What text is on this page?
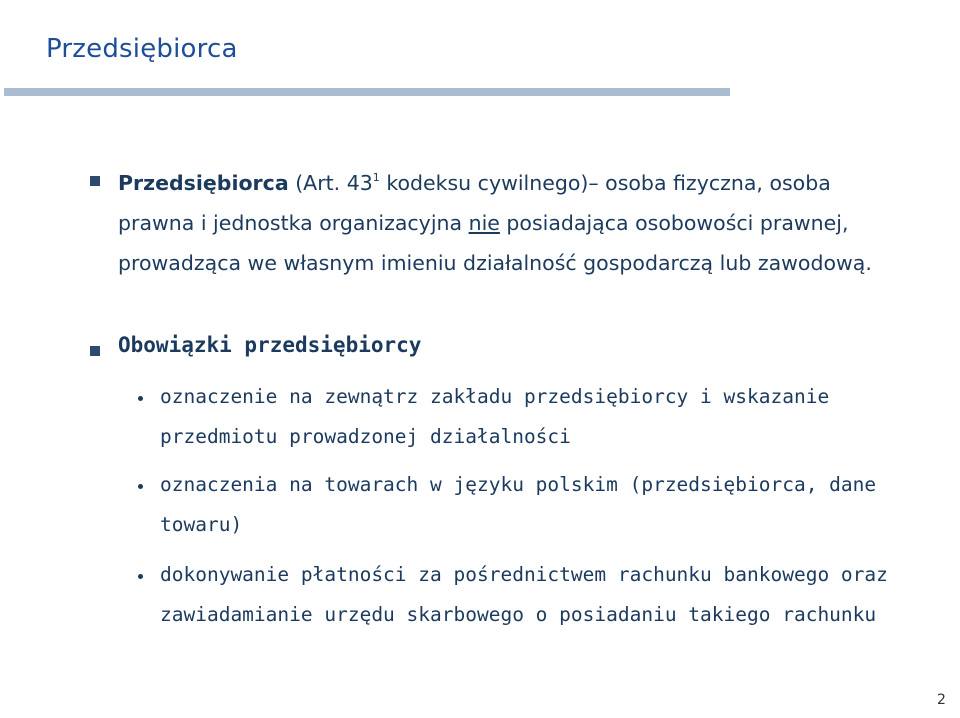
Przedsiębiorca
Przedsiębiorca (Art. $43^1$ kodeksu cywilnego)– osoba fizyczna, osoba prawna i jednostka organizacyjna nie posiadająca osobowości prawnej, prowadząca we własnym imieniu działalność gospodarczą lub zawodową.
Obowiązki przedsiębiorcy
oznaczenie na zewnątrz zakładu przedsiębiorcy i wskazanie przedmiotu prowadzonej działalności
oznaczenia na towarach w języku polskim (przedsiębiorca, dane towaru)
dokonywanie płatności za pośrednictwem rachunku bankowego oraz zawiadamianie urzędu skarbowego o posiadaniu takiego rachunku
2
